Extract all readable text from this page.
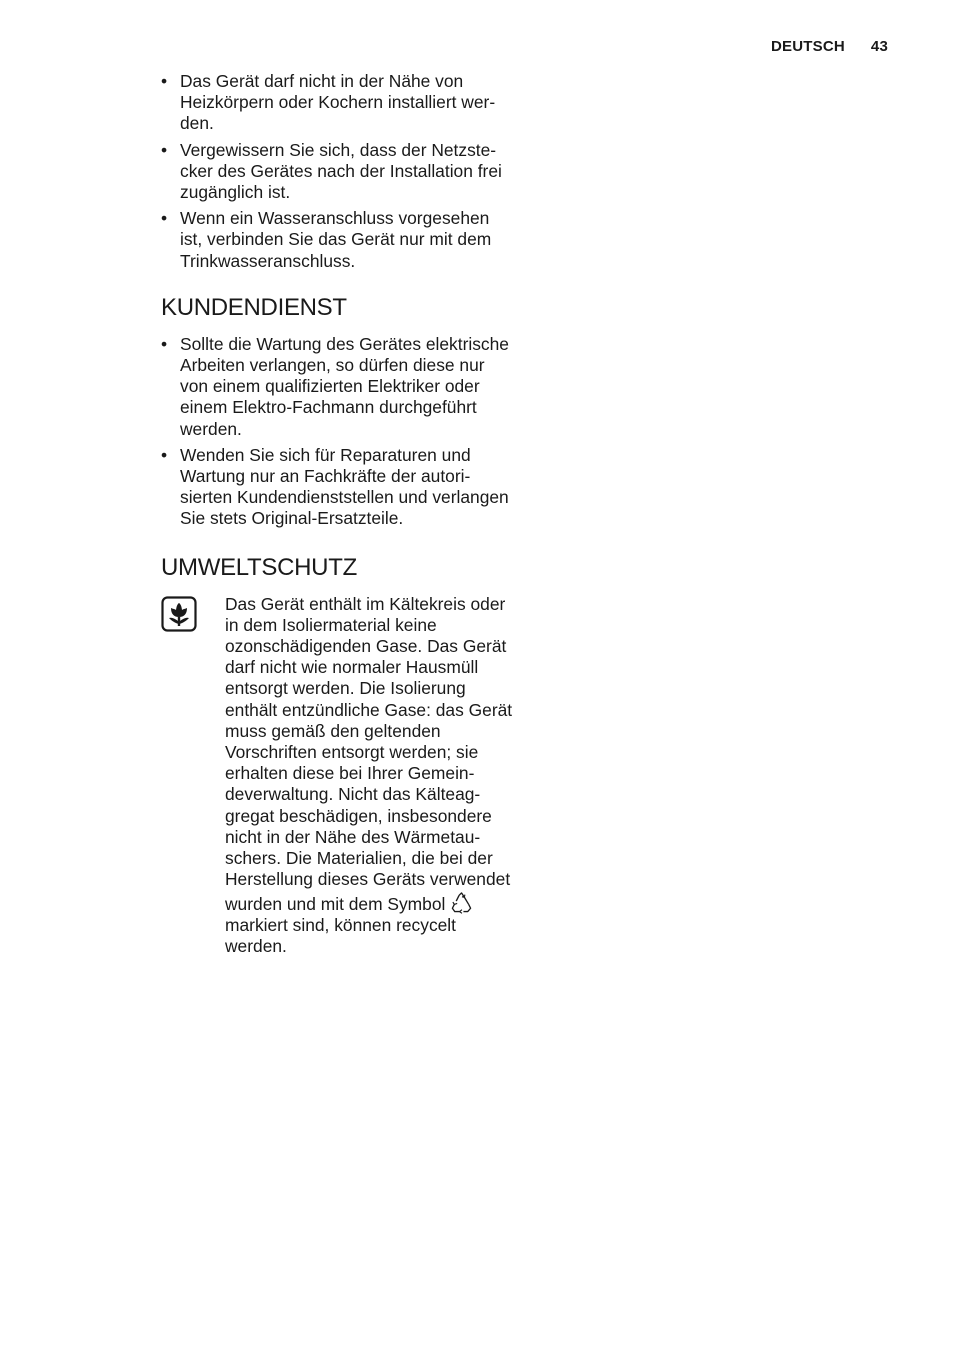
DEUTSCH 43
• Das Gerät darf nicht in der Nähe von Heizkörpern oder Kochern installiert werden.
• Vergewissern Sie sich, dass der Netzstecker des Gerätes nach der Installation frei zugänglich ist.
• Wenn ein Wasseranschluss vorgesehen ist, verbinden Sie das Gerät nur mit dem Trinkwasseranschluss.
KUNDENDIENST
• Sollte die Wartung des Gerätes elektrische Arbeiten verlangen, so dürfen diese nur von einem qualifizierten Elektriker oder einem Elektro-Fachmann durchgeführt werden.
• Wenden Sie sich für Reparaturen und Wartung nur an Fachkräfte der autorisierten Kundendienststellen und verlangen Sie stets Original-Ersatzteile.
UMWELTSCHUTZ
Das Gerät enthält im Kältekreis oder in dem Isoliermaterial keine ozonschädigenden Gase. Das Gerät darf nicht wie normaler Hausmüll entsorgt werden. Die Isolierung enthält entzündliche Gase: das Gerät muss gemäß den geltenden Vorschriften entsorgt werden; sie erhalten diese bei Ihrer Gemeindeverwaltung. Nicht das Kälteaggregat beschädigen, insbesondere nicht in der Nähe des Wärmetauschers. Die Materialien, die bei der Herstellung dieses Geräts verwendet wurden und mit dem Symbol markiert sind, können recycelt werden.
